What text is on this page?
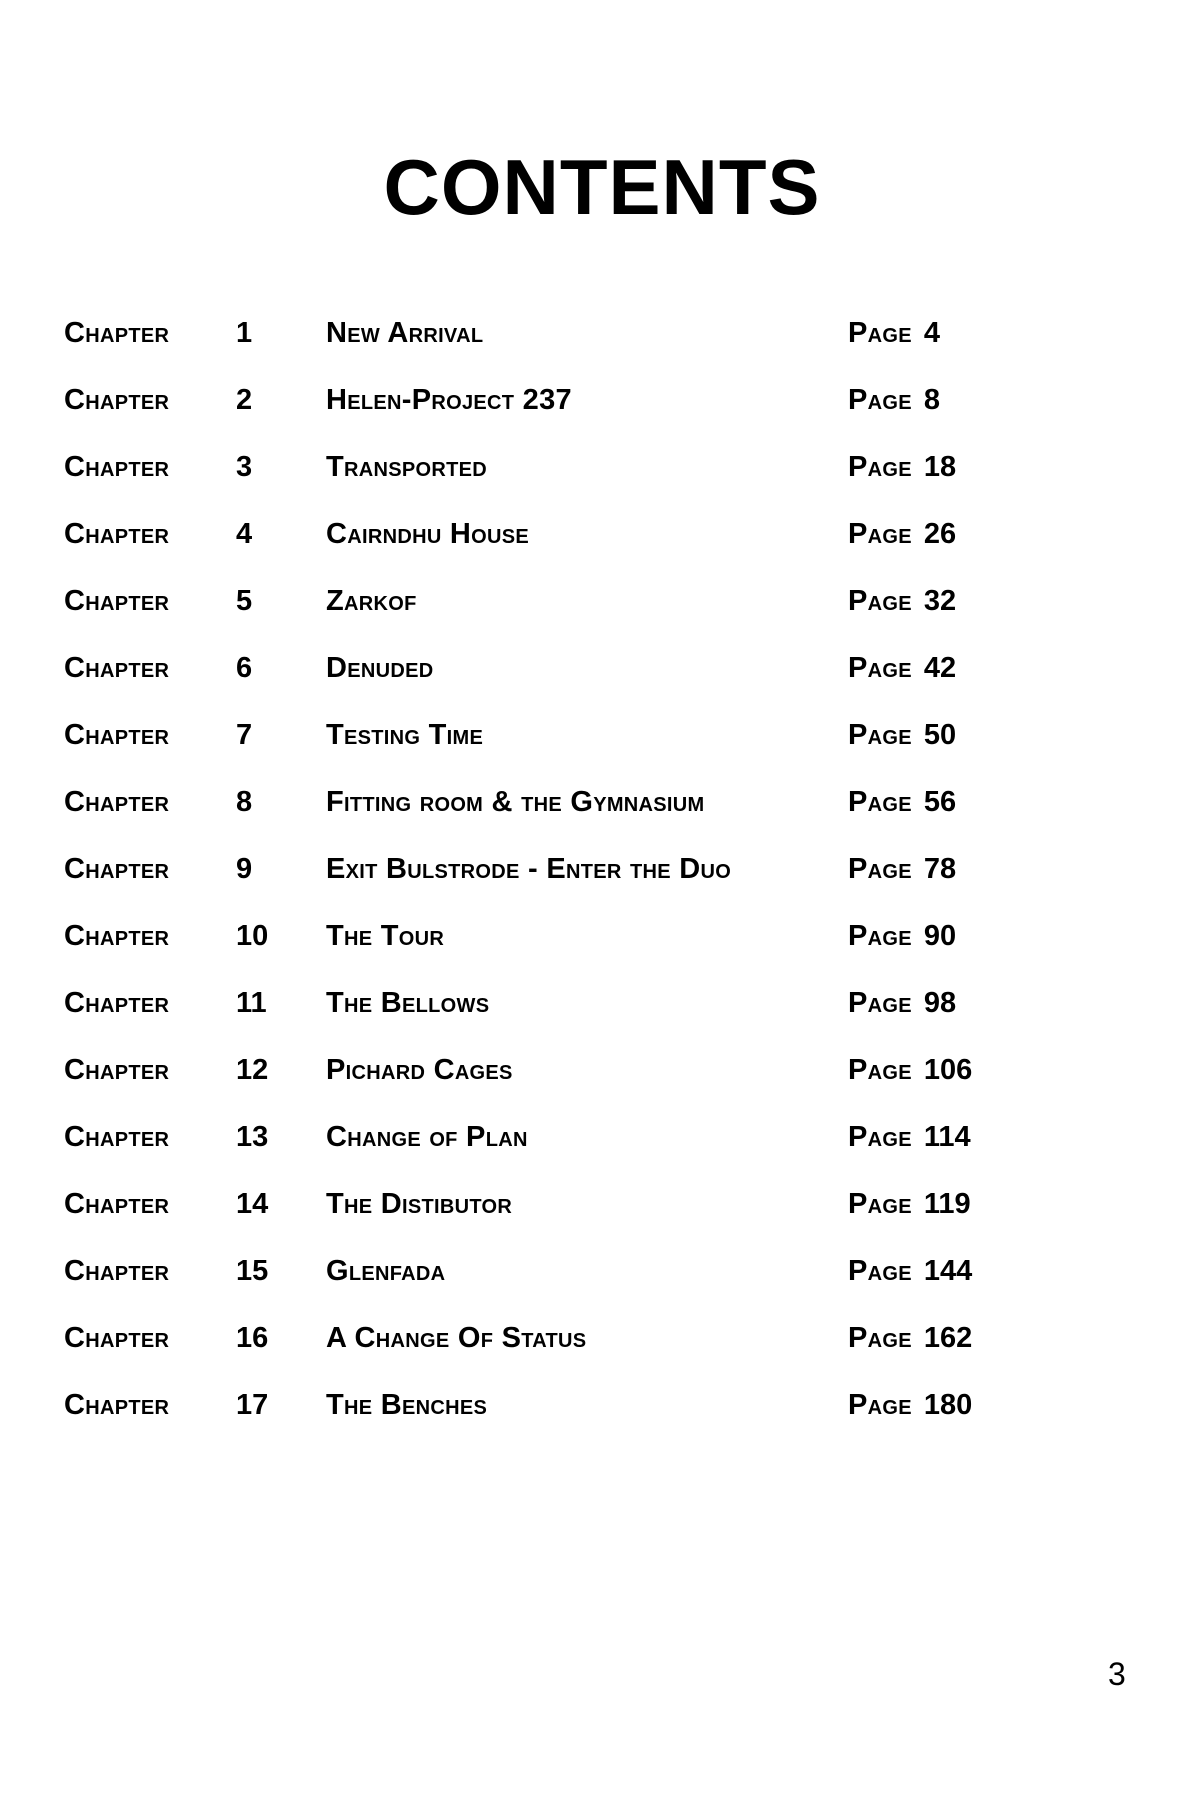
CONTENTS
Chapter 1	New Arrival	Page 4
Chapter 2	Helen-Project 237	Page 8
Chapter 3	Transported	Page 18
Chapter 4	Cairndhu House	Page 26
Chapter 5	Zarkof	Page 32
Chapter 6	Denuded	Page 42
Chapter 7	Testing Time	Page 50
Chapter 8	Fitting room & the Gymnasium	Page 56
Chapter 9	Exit Bulstrode - Enter the Duo	Page 78
Chapter 10 The Tour	Page 90
Chapter 11 The Bellows	Page 98
Chapter 12 Pichard Cages	Page 106
Chapter 13 Change of Plan	Page 114
Chapter 14 The Distibutor	Page 119
Chapter 15 Glenfada	Page 144
Chapter 16 A Change Of Status	Page 162
Chapter 17 The Benches	Page 180
3
